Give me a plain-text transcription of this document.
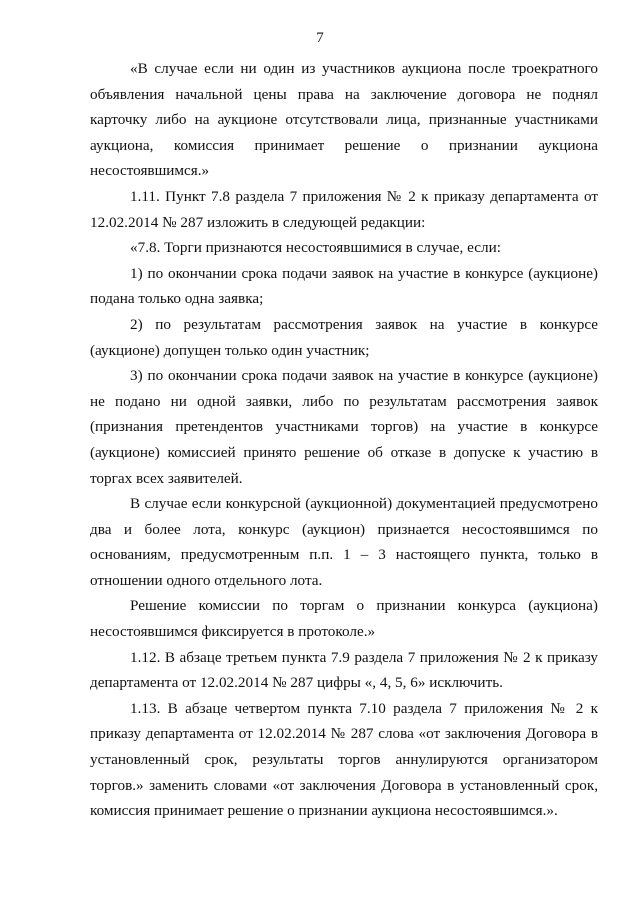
7

«В случае если ни один из участников аукциона после троекратного объявления начальной цены права на заключение договора не поднял карточку либо на аукционе отсутствовали лица, признанные участниками аукциона, комиссия принимает решение о признании аукциона несостоявшимся.»

1.11. Пункт 7.8 раздела 7 приложения № 2 к приказу департамента от 12.02.2014 № 287 изложить в следующей редакции:

«7.8. Торги признаются несостоявшимися в случае, если:

1) по окончании срока подачи заявок на участие в конкурсе (аукционе) подана только одна заявка;

2) по результатам рассмотрения заявок на участие в конкурсе (аукционе) допущен только один участник;

3) по окончании срока подачи заявок на участие в конкурсе (аукционе) не подано ни одной заявки, либо по результатам рассмотрения заявок (признания претендентов участниками торгов) на участие в конкурсе (аукционе) комиссией принято решение об отказе в допуске к участию в торгах всех заявителей.

В случае если конкурсной (аукционной) документацией предусмотрено два и более лота, конкурс (аукцион) признается несостоявшимся по основаниям, предусмотренным п.п. 1 – 3 настоящего пункта, только в отношении одного отдельного лота.

Решение комиссии по торгам о признании конкурса (аукциона) несостоявшимся фиксируется в протоколе.»

1.12. В абзаце третьем пункта 7.9 раздела 7 приложения № 2 к приказу департамента от 12.02.2014 № 287 цифры «, 4, 5, 6» исключить.

1.13. В абзаце четвертом пункта 7.10 раздела 7 приложения № 2 к приказу департамента от 12.02.2014 № 287 слова «от заключения Договора в установленный срок, результаты торгов аннулируются организатором торгов.» заменить словами «от заключения Договора в установленный срок, комиссия принимает решение о признании аукциона несостоявшимся.».
